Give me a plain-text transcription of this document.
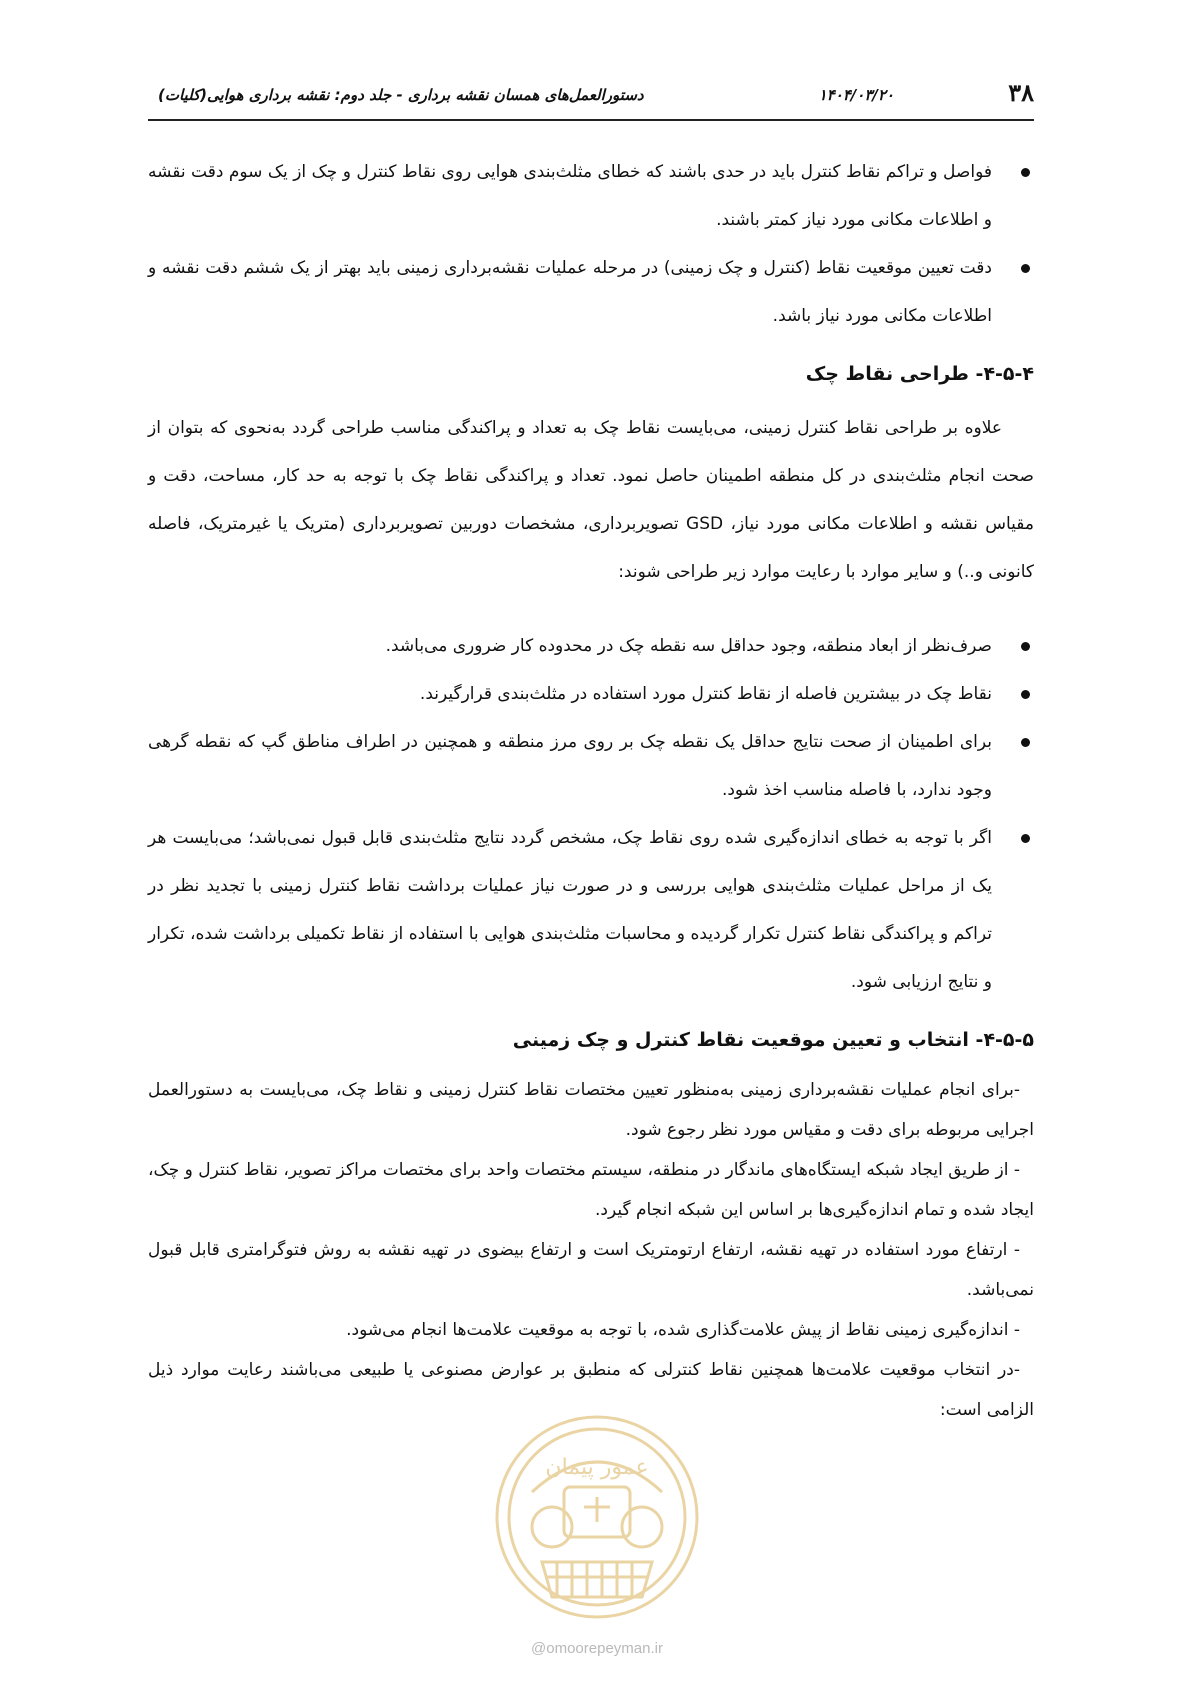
۳۸
۱۴۰۴/۰۳/۲۰
دستورالعمل‌های همسان نقشه برداری - جلد دوم: نقشه برداری هوایی(کلیات)
فواصل و تراکم نقاط کنترل باید در حدی باشند که خطای مثلث‌بندی هوایی روی نقاط کنترل و چک از یک سوم دقت نقشه و اطلاعات مکانی مورد نیاز کمتر باشند.
دقت تعیین موقعیت نقاط (کنترل و چک زمینی) در مرحله عملیات نقشه‌برداری زمینی باید بهتر از یک ششم دقت نقشه و اطلاعات مکانی مورد نیاز باشد.
۴-۵-۴- طراحی نقاط چک

علاوه بر طراحی نقاط کنترل زمینی، می‌بایست نقاط چک به تعداد و پراکندگی مناسب طراحی گردد به‌نحوی که بتوان از صحت انجام مثلث‌بندی در کل منطقه اطمینان حاصل نمود. تعداد و پراکندگی نقاط چک با توجه به حد کار، مساحت، دقت و مقیاس نقشه و اطلاعات مکانی مورد نیاز، GSD تصویربرداری، مشخصات دوربین تصویربرداری (متریک یا غیرمتریک، فاصله کانونی و..) و سایر موارد با رعایت موارد زیر طراحی شوند:

صرف‌نظر از ابعاد منطقه، وجود حداقل سه نقطه چک در محدوده کار ضروری می‌باشد.
نقاط چک در بیشترین فاصله از نقاط کنترل مورد استفاده در مثلث‌بندی قرارگیرند.
برای اطمینان از صحت نتایج حداقل یک نقطه چک بر روی مرز منطقه و همچنین در اطراف مناطق گپ که نقطه گرهی وجود ندارد، با فاصله مناسب اخذ شود.
اگر با توجه به خطای اندازه‌گیری شده روی نقاط چک، مشخص گردد نتایج مثلث‌بندی قابل قبول نمی‌باشد؛ می‌بایست هر یک از مراحل عملیات مثلث‌بندی هوایی بررسی و در صورت نیاز عملیات برداشت نقاط کنترل زمینی با تجدید نظر در تراکم و پراکندگی نقاط کنترل تکرار گردیده و محاسبات مثلث‌بندی هوایی با استفاده از نقاط تکمیلی برداشت شده، تکرار و نتایج ارزیابی شود.
۴-۵-۵- انتخاب و تعیین موقعیت نقاط کنترل و چک زمینی

-برای انجام عملیات نقشه‌برداری زمینی به‌منظور تعیین مختصات نقاط کنترل زمینی و نقاط چک، می‌بایست به دستورالعمل اجرایی مربوطه برای دقت و مقیاس مورد نظر رجوع شود.

- از طریق ایجاد شبکه ایستگاه‌های ماندگار در منطقه، سیستم مختصات واحد برای مختصات مراکز تصویر، نقاط کنترل و چک، ایجاد شده و تمام اندازه‌گیری‌ها بر اساس این شبکه انجام گیرد.

- ارتفاع مورد استفاده در تهیه نقشه، ارتفاع ارتومتریک است و ارتفاع بیضوی در تهیه نقشه به روش فتوگرامتری قابل قبول نمی‌باشد.

- اندازه‌گیری زمینی نقاط از پیش علامت‌گذاری شده، با توجه به موقعیت علامت‌ها انجام می‌شود.

-در انتخاب موقعیت علامت‌ها همچنین نقاط کنترلی که منطبق بر عوارض مصنوعی یا طبیعی می‌باشند رعایت موارد ذیل الزامی است:

عمور پیمان
@omoorepeyman.ir
